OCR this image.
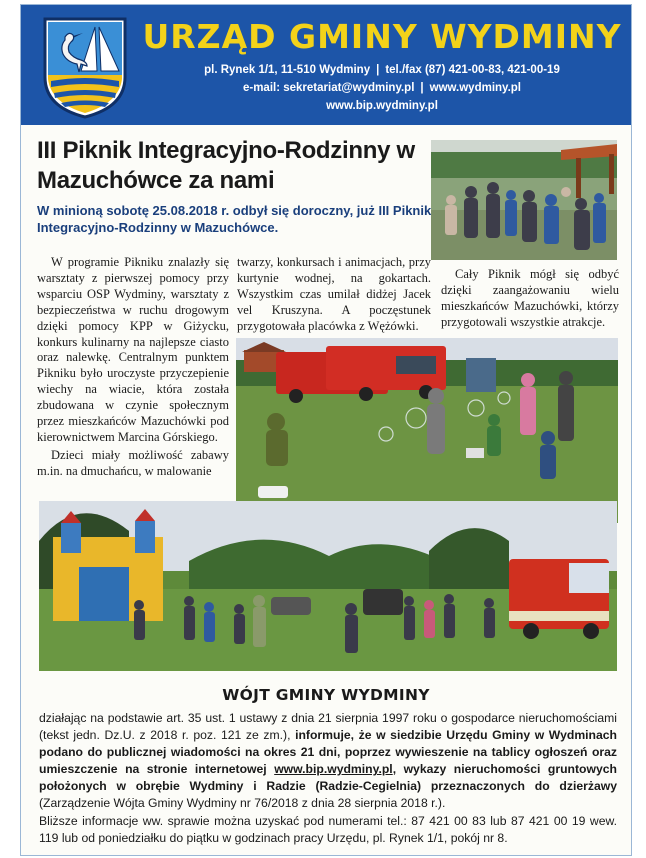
URZĄD GMINY WYDMINY
pl. Rynek 1/1, 11-510 Wydminy | tel./fax (87) 421-00-83, 421-00-19
e-mail: sekretariat@wydminy.pl | www.wydminy.pl
www.bip.wydminy.pl
III Piknik Integracyjno-Rodzinny w Mazuchówce za nami
W minioną sobotę 25.08.2018 r. odbył się doroczny, już III Piknik Integracyjno-Rodzinny w Mazuchówce.

W programie Pikniku znalazły się warsztaty z pierwszej pomocy przy wsparciu OSP Wydminy, warsztaty z bezpieczeństwa w ruchu drogowym dzięki pomocy KPP w Giżycku, konkurs kulinarny na najlepsze ciasto oraz nalewkę. Centralnym punktem Pikniku było uroczyste przyczepienie wiechy na wiacie, która została zbudowana w czynie społecznym przez mieszkańców Mazuchówki pod kierownictwem Marcina Górskiego.

Dzieci miały możliwość zabawy m.in. na dmuchańcu, w malowanie

twarzy, konkursach i animacjach, przy kurtynie wodnej, na gokartach. Wszystkim czas umilał didżej Jacek vel Kruszyna. A poczęstunek przygotowała placówka z Wężówki.

Cały Piknik mógł się odbyć dzięki zaangażowaniu wielu mieszkańców Mazuchówki, którzy przygotowali wszystkie atrakcje.

WÓJT GMINY WYDMINY

działając na podstawie art. 35 ust. 1 ustawy z dnia 21 sierpnia 1997 roku o gospodarce nieruchomościami (tekst jedn. Dz.U. z 2018 r. poz. 121 ze zm.), informuje, że w siedzibie Urzędu Gminy w Wydminach podano do publicznej wiadomości na okres 21 dni, poprzez wywieszenie na tablicy ogłoszeń oraz umieszczenie na stronie internetowej www.bip.wydminy.pl, wykazy nieruchomości gruntowych położonych w obrębie Wydminy i Radzie (Radzie-Cegielnia) przeznaczonych do dzierżawy (Zarządzenie Wójta Gminy Wydminy nr 76/2018 z dnia 28 sierpnia 2018 r.).

Bliższe informacje ww. sprawie można uzyskać pod numerami tel.: 87 421 00 83 lub 87 421 00 19 wew. 119 lub od poniedziałku do piątku w godzinach pracy Urzędu, pl. Rynek 1/1, pokój nr 8.
